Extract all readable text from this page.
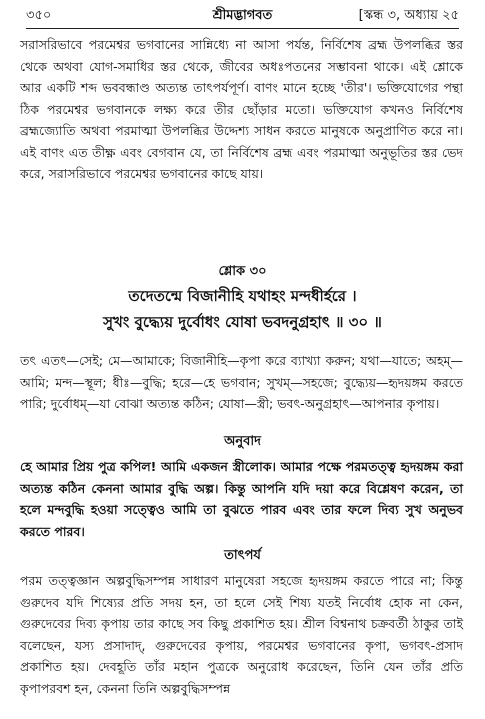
৩৫০	শ্রীমদ্ভাগবত	[স্কন্ধ ৩, অধ্যায় ২৫

সরাসরিভাবে পরমেশ্বর ভগবানের সান্নিধ্যে না আসা পর্যন্ত, নির্বিশেষ ব্রহ্ম উপলব্ধির স্তর থেকে অথবা যোগ-সমাধির স্তর থেকে, জীবের অধঃপতনের সম্ভাবনা থাকে। এই শ্লোকে আর একটি শব্দ ভববন্ধাণ্ড অত্যন্ত তাৎপর্যপূর্ণ। বাণং মানে হচ্ছে 'তীর'। ভক্তিযোগের পন্থা ঠিক পরমেশ্বর ভগবানকে লক্ষ্য করে তীর ছোঁড়ার মতো। ভক্তিযোগ কখনও নির্বিশেষ ব্রহ্মজ্যোতি অথবা পরমাত্মা উপলব্ধির উদ্দেশ্য সাধন করতে মানুষকে অনুপ্রাণিত করে না। এই বাণং এত তীক্ষ্ণ এবং বেগবান যে, তা নির্বিশেষ ব্রহ্ম এবং পরমাত্মা অনুভূতির স্তর ভেদ করে, সরাসরিভাবে পরমেশ্বর ভগবানের কাছে যায়।

শ্লোক ৩০

তদেতন্মে বিজানীহি যথাহং মন্দধীর্হরে ।

সুখং বুদ্ধ্যেয় দুর্বোধং যোষা ভবদনুগ্রহাৎ ॥ ৩০ ॥

তৎ এতৎ—সেই; মে—আমাকে; বিজানীহি—কৃপা করে ব্যাখ্যা করুন; যথা—যাতে; অহম্—আমি; মন্দ—স্থূল; ধীঃ—বুদ্ধি; হরে—হে ভগবান; সুখম্—সহজে; বুদ্ধ্যেয়—হৃদয়ঙ্গম করতে পারি; দুর্বোধম্—যা বোঝা অত্যন্ত কঠিন; যোষা—স্ত্রী; ভবৎ-অনুগ্রহাৎ—আপনার কৃপায়।

অনুবাদ

হে আমার প্রিয় পুত্র কপিল! আমি একজন স্ত্রীলোক। আমার পক্ষে পরমতত্ত্ব হৃদয়ঙ্গম করা অত্যন্ত কঠিন কেননা আমার বুদ্ধি অল্প। কিন্তু আপনি যদি দয়া করে বিশ্লেষণ করেন, তা হলে মন্দবুদ্ধি হওয়া সত্ত্বেও আমি তা বুঝতে পারব এবং তার ফলে দিব্য সুখ অনুভব করতে পারব।

তাৎপর্য

পরম তত্ত্বজ্ঞান অল্পবুদ্ধিসম্পন্ন সাধারণ মানুষেরা সহজে হৃদয়ঙ্গম করতে পারে না; কিন্তু গুরুদেব যদি শিষ্যের প্রতি সদয় হন, তা হলে সেই শিষ্য যতই নির্বোধ হোক না কেন, গুরুদেবের দিব্য কৃপায় তার কাছে সব কিছু প্রকাশিত হয়। শ্রীল বিশ্বনাথ চক্রবর্তী ঠাকুর তাই বলেছেন, যস্য প্রসাদাদ্, গুরুদেবের কৃপায়, পরমেশ্বর ভগবানের কৃপা, ভগবৎ-প্রসাদ প্রকাশিত হয়। দেবহূতি তাঁর মহান পুত্রকে অনুরোধ করেছেন, তিনি যেন তাঁর প্রতি কৃপাপরবশ হন, কেননা তিনি অল্পবুদ্ধিসম্পন্ন
